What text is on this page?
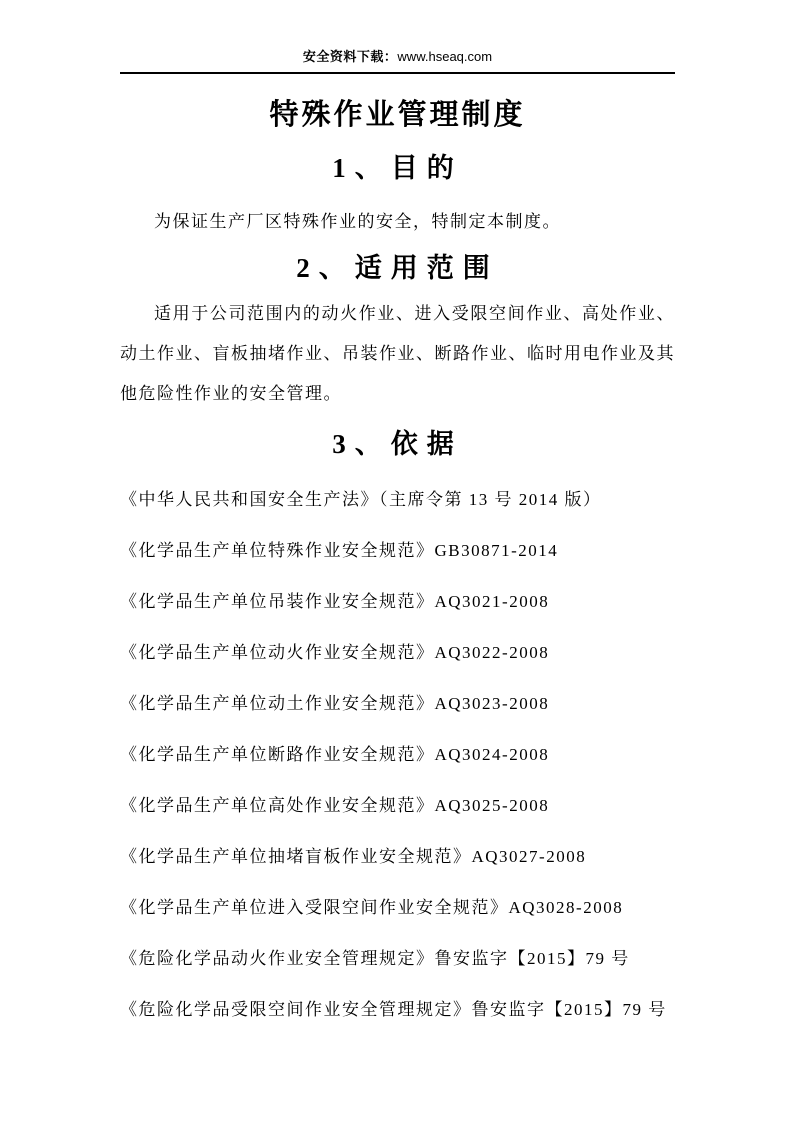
安全资料下载：www.hseaq.com
特殊作业管理制度
1、目的

为保证生产厂区特殊作业的安全，特制定本制度。

2、适用范围

适用于公司范围内的动火作业、进入受限空间作业、高处作业、动土作业、盲板抽堵作业、吊装作业、断路作业、临时用电作业及其他危险性作业的安全管理。

3、依据

《中华人民共和国安全生产法》（主席令第 13 号 2014 版）

《化学品生产单位特殊作业安全规范》GB30871-2014

《化学品生产单位吊装作业安全规范》AQ3021-2008

《化学品生产单位动火作业安全规范》AQ3022-2008

《化学品生产单位动土作业安全规范》AQ3023-2008

《化学品生产单位断路作业安全规范》AQ3024-2008

《化学品生产单位高处作业安全规范》AQ3025-2008

《化学品生产单位抽堵盲板作业安全规范》AQ3027-2008

《化学品生产单位进入受限空间作业安全规范》AQ3028-2008

《危险化学品动火作业安全管理规定》鲁安监字【2015】79 号

《危险化学品受限空间作业安全管理规定》鲁安监字【2015】79 号
